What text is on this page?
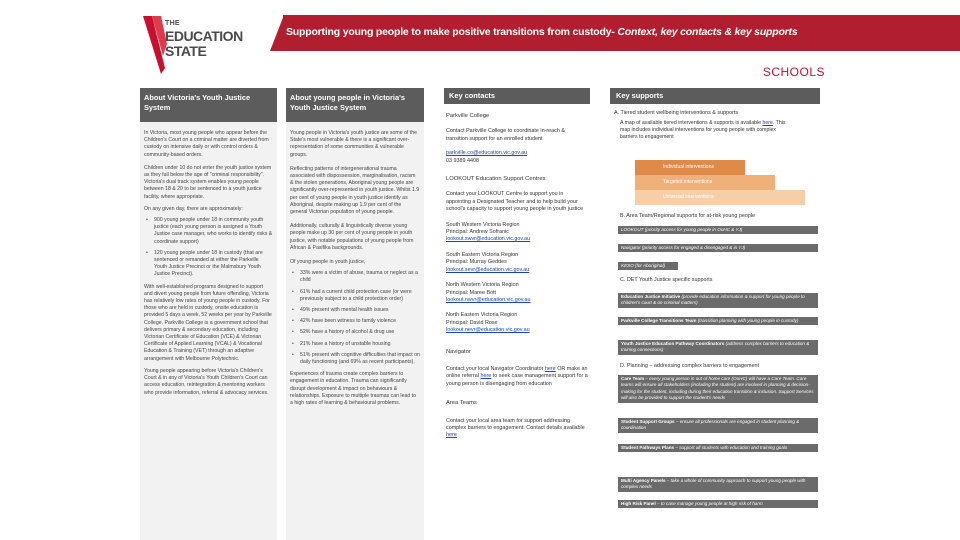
THE
EDUCATION
STATE
Supporting young people to make positive transitions from custody- Context, key contacts & key supports
SCHOOLS
About Victoria's Youth Justice System
In Victoria, most young people who appear before the Children's Court on a criminal matter are diverted from custody on intensive daily or with control orders & community-based orders.
Children under 10 do not enter the youth justice system as they fall below the age of "criminal responsibility". Victoria's dual track system enables young people between 18 & 20 to be sentenced to a youth justice facility, where appropriate.
On any given day, there are approximately:
• 900 young people under 18 in community youth justice (each young person is assigned a Youth Justice case manager, who works to identify risks & coordinate support)
• 120 young people under 18 in custody (that are sentenced or remanded at either the Parkville Youth Justice Precinct or the Malmsbury Youth Justice Precinct).
With well-established programs designed to support and divert young people from future offending, Victoria has relatively low rates of young people in custody. For those who are held in custody, onsite education is provided 5 days a week, 52 weeks per year by Parkville College. Parkville College is a government school that delivers primary & secondary education, including Victorian Certificate of Education (VCE) & Victorian Certificate of Applied Learning (VCAL) & Vocational Education & Training (VET) through an adaptive arrangement with Melbourne Polytechnic.
Young people appearing before Victoria's Children's Court & in any of Victoria's Youth Children's Court can access education, reintegration & mentoring workers who provide information, referral & advocacy services.
About young people in Victoria's Youth Justice System
Young people in Victoria's youth justice are some of the State's most vulnerable & there is a significant over-representation of some communities & vulnerable groups.
Reflecting patterns of intergenerational trauma associated with dispossession, marginalisation, racism & the stolen generations, Aboriginal young people are significantly over-represented in youth justice. Whilst 1.9 per cent of young people in youth justice identify as Aboriginal, despite making up 1.9 per cent of the general Victorian population of young people.
Additionally, culturally & linguistically diverse young people make up 30 per cent of young people in youth justice, with notable populations of young people from African & Pasifika backgrounds.
Of young people in youth justice,
• 33% were a victim of abuse, trauma or neglect as a child
• 61% had a current child protection case (or were previously subject to a child protection order)
• 49% present with mental health issues
• 42% have been witness to family violence
• 52% have a history of alcohol & drug use
• 21% have a history of unstable housing
• 51% present with cognitive difficulties that impact on daily functioning (and 69% as recent participants).
Experiences of trauma create complex barriers to engagement in education. Trauma can significantly disrupt development & impact on behaviours & relationships. Exposure to multiple traumas can lead to a high rates of learning & behavioural problems.
Key contacts
Parkville College
Contact Parkville College to coordinate in-reach & transition support for an enrolled student
parkville.co@education.vic.gov.au
03 9389 4408
LOOKOUT Education Support Centres
Contact your LOOKOUT Centre to support you in appointing a Designated Teacher and to help build your school's capacity to support young people in youth justice
South Western Victoria Region
Principal: Andrew Sofranic
lookout.swvr@education.vic.gov.au
South Eastern Victoria Region
Principal: Murray Geddes
lookout.sevr@education.vic.gov.au
North Western Victoria Region
Principal: Maree Bott
lookout.nwvr@education.vic.gov.au
North Eastern Victoria Region
Principal: David Rose
lookout.nevr@education.vic.gov.au
Navigator
Contact your local Navigator Coordinator here OR make an online referral here to seek case management support for a young person is disengaging from education
Area Teams
Contact your local area team for support addressing complex barriers to engagement. Contact details available here
Key supports
A. Tiered student wellbeing interventions & supports
A map of available tiered interventions & supports is available here. This map includes individual interventions for young people with complex barriers to engagement
Individual interventions
Targeted interventions
Universal interventions
B. Area Team/Regional supports for at-risk young people
LOOKOUT (priority access for young people in OoHC & YJ)
Navigator (priority access for engaged & disengaged & in YJ)
KESO (for Aboriginal)
C. DET Youth Justice specific supports
Education Justice Initiative (provide education information & support for young people to children's court & on criminal matters)
Parkville College Transitions Team (transition planning with young people in custody)
Youth Justice Education Pathway Coordinators (address complex barriers to education & training connections)
D. Planning – addressing complex barriers to engagement
Care Team – every young person in out of home care (OoHC) will have a Care Team. Care teams will ensure all stakeholders (including the student) are involved in planning & decision-making for the student, including during their education transition & inclusion. Support Services will also be provided to support the student's needs
Student Support Groups – ensure all professionals are engaged in student planning & coordination
Student Pathways Plans – support all students with education and training goals
Multi Agency Panels – take a whole of community approach to support young people with complex needs
High Risk Panel – to case manage young people at high risk of harm
